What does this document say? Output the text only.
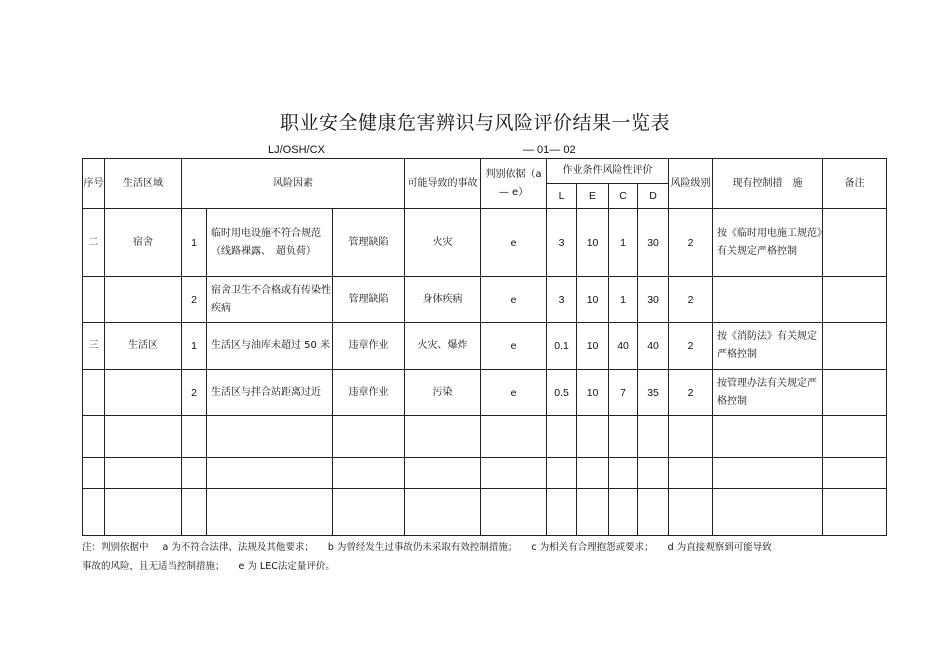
职业安全健康危害辨识与风险评价结果一览表
LJ/OSH/CX	— 01— 02
序号	生活区域	风险因素			可能导致的事故	判别依据（a— e）	作业条件风险性评价				风险级别	现有控制措　施	备注
							L	E	C	D			
二	宿舍	1	临时用电设施不符合规范（线路裸露、　超负荷）	管理缺陷	火灾	e	3	10	1	30	2	按《临时用电施工规范》有关规定严格控制	
		2	宿舍卫生不合格或有传染性疾病	管理缺陷	身体疾病	e	3	10	1	30	2		
三	生活区	1	生活区与油库未超过 50 米	违章作业	火灾、爆炸	e	0.1	10	40	40	2	按《消防法》有关规定严格控制	
		2	生活区与拌合站距离过近	违章作业	污染	e	0.5	10	7	35	2	按管理办法有关规定严格控制	

注：判别依据中 a 为不符合法律、法规及其他要求； b 为曾经发生过事故仍未采取有效控制措施； c 为相关有合理抱怨或要求； d 为直接观察到可能导致
事故的风险，且无适当控制措施； e 为 LEC法定量评价。
